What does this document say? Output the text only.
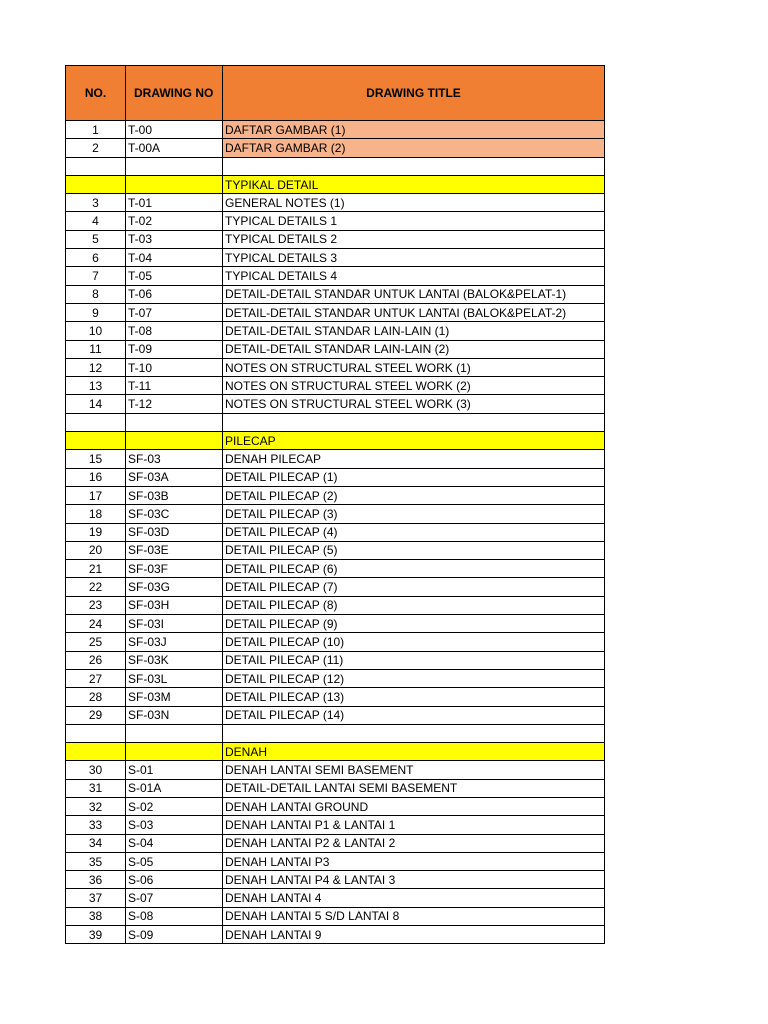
NO.	DRAWING NO	DRAWING TITLE
1	T-00	DAFTAR GAMBAR (1)
2	T-00A	DAFTAR GAMBAR (2)

		TYPIKAL DETAIL
3	T-01	GENERAL NOTES (1)
4	T-02	TYPICAL DETAILS 1
5	T-03	TYPICAL DETAILS 2
6	T-04	TYPICAL DETAILS 3
7	T-05	TYPICAL DETAILS 4
8	T-06	DETAIL-DETAIL STANDAR UNTUK LANTAI (BALOK&PELAT-1)
9	T-07	DETAIL-DETAIL STANDAR UNTUK LANTAI (BALOK&PELAT-2)
10	T-08	DETAIL-DETAIL STANDAR LAIN-LAIN (1)
11	T-09	DETAIL-DETAIL STANDAR LAIN-LAIN (2)
12	T-10	NOTES ON STRUCTURAL STEEL WORK (1)
13	T-11	NOTES ON STRUCTURAL STEEL WORK (2)
14	T-12	NOTES ON STRUCTURAL STEEL WORK (3)

		PILECAP
15	SF-03	DENAH PILECAP
16	SF-03A	DETAIL PILECAP (1)
17	SF-03B	DETAIL PILECAP (2)
18	SF-03C	DETAIL PILECAP (3)
19	SF-03D	DETAIL PILECAP (4)
20	SF-03E	DETAIL PILECAP (5)
21	SF-03F	DETAIL PILECAP (6)
22	SF-03G	DETAIL PILECAP (7)
23	SF-03H	DETAIL PILECAP (8)
24	SF-03I	DETAIL PILECAP (9)
25	SF-03J	DETAIL PILECAP (10)
26	SF-03K	DETAIL PILECAP (11)
27	SF-03L	DETAIL PILECAP (12)
28	SF-03M	DETAIL PILECAP (13)
29	SF-03N	DETAIL PILECAP (14)

		DENAH
30	S-01	DENAH LANTAI SEMI BASEMENT
31	S-01A	DETAIL-DETAIL LANTAI SEMI BASEMENT
32	S-02	DENAH LANTAI GROUND
33	S-03	DENAH LANTAI P1 & LANTAI 1
34	S-04	DENAH LANTAI P2 & LANTAI 2
35	S-05	DENAH LANTAI P3
36	S-06	DENAH LANTAI P4 & LANTAI 3
37	S-07	DENAH LANTAI 4
38	S-08	DENAH LANTAI 5 S/D LANTAI 8
39	S-09	DENAH LANTAI 9
